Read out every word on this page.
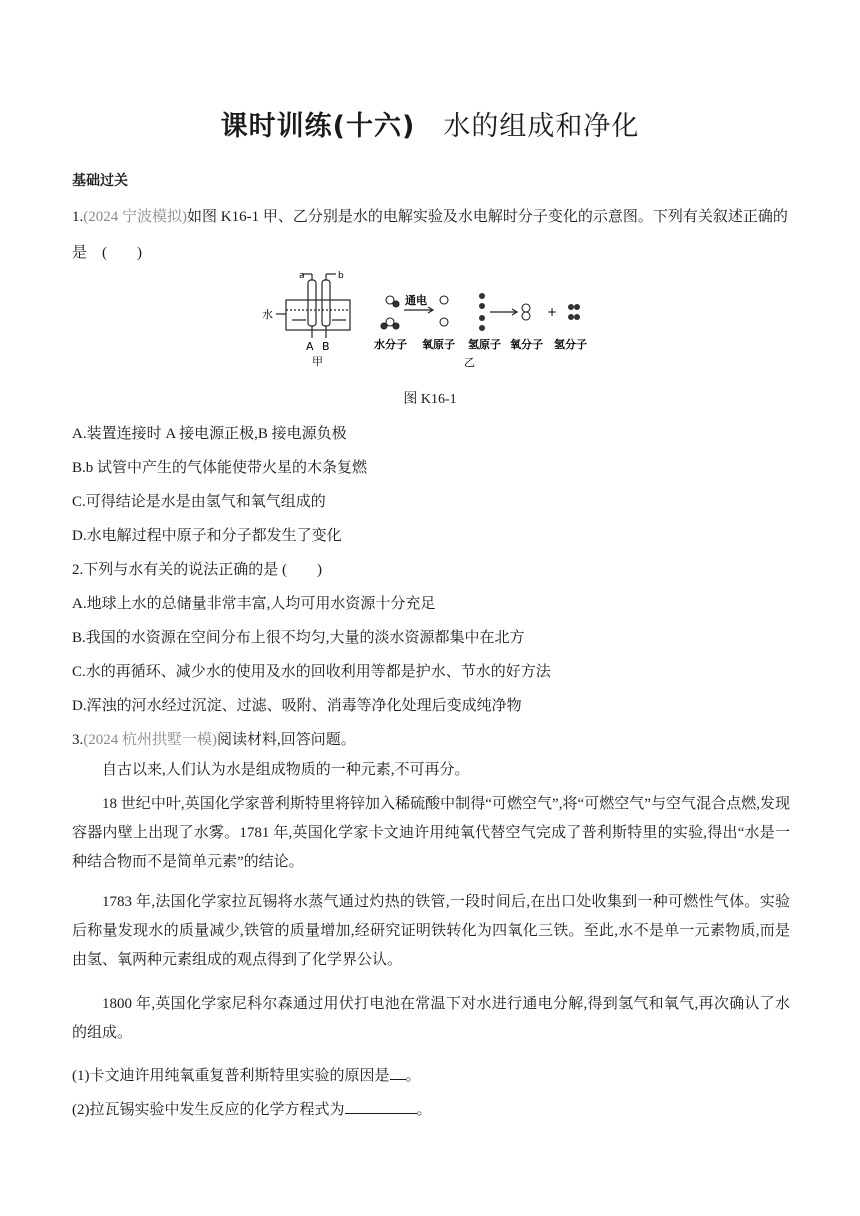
课时训练(十六) 水的组成和净化
基础过关
1.(2024 宁波模拟)如图 K16-1 甲、乙分别是水的电解实验及水电解时分子变化的示意图。下列有关叙述正确的
是　(　　)
a	b
水
A B
甲
通电
+
水分子 氧原子 氢原子 氧分子 氢分子
乙
图 K16-1
A.装置连接时 A 接电源正极,B 接电源负极
B.b 试管中产生的气体能使带火星的木条复燃
C.可得结论是水是由氢气和氧气组成的
D.水电解过程中原子和分子都发生了变化
2.下列与水有关的说法正确的是 (　　)
A.地球上水的总储量非常丰富,人均可用水资源十分充足
B.我国的水资源在空间分布上很不均匀,大量的淡水资源都集中在北方
C.水的再循环、减少水的使用及水的回收利用等都是护水、节水的好方法
D.浑浊的河水经过沉淀、过滤、吸附、消毒等净化处理后变成纯净物
3.(2024 杭州拱墅一模)阅读材料,回答问题。
自古以来,人们认为水是组成物质的一种元素,不可再分。
18 世纪中叶,英国化学家普利斯特里将锌加入稀硫酸中制得“可燃空气”,将“可燃空气”与空气混合点燃,发现容器内壁上出现了水雾。1781 年,英国化学家卡文迪许用纯氧代替空气完成了普利斯特里的实验,得出“水是一种结合物而不是简单元素”的结论。
1783 年,法国化学家拉瓦锡将水蒸气通过灼热的铁管,一段时间后,在出口处收集到一种可燃性气体。实验后称量发现水的质量减少,铁管的质量增加,经研究证明铁转化为四氧化三铁。至此,水不是单一元素物质,而是由氢、氧两种元素组成的观点得到了化学界公认。
1800 年,英国化学家尼科尔森通过用伏打电池在常温下对水进行通电分解,得到氢气和氧气,再次确认了水的组成。
(1)卡文迪许用纯氧重复普利斯特里实验的原因是 。
(2)拉瓦锡实验中发生反应的化学方程式为	。
